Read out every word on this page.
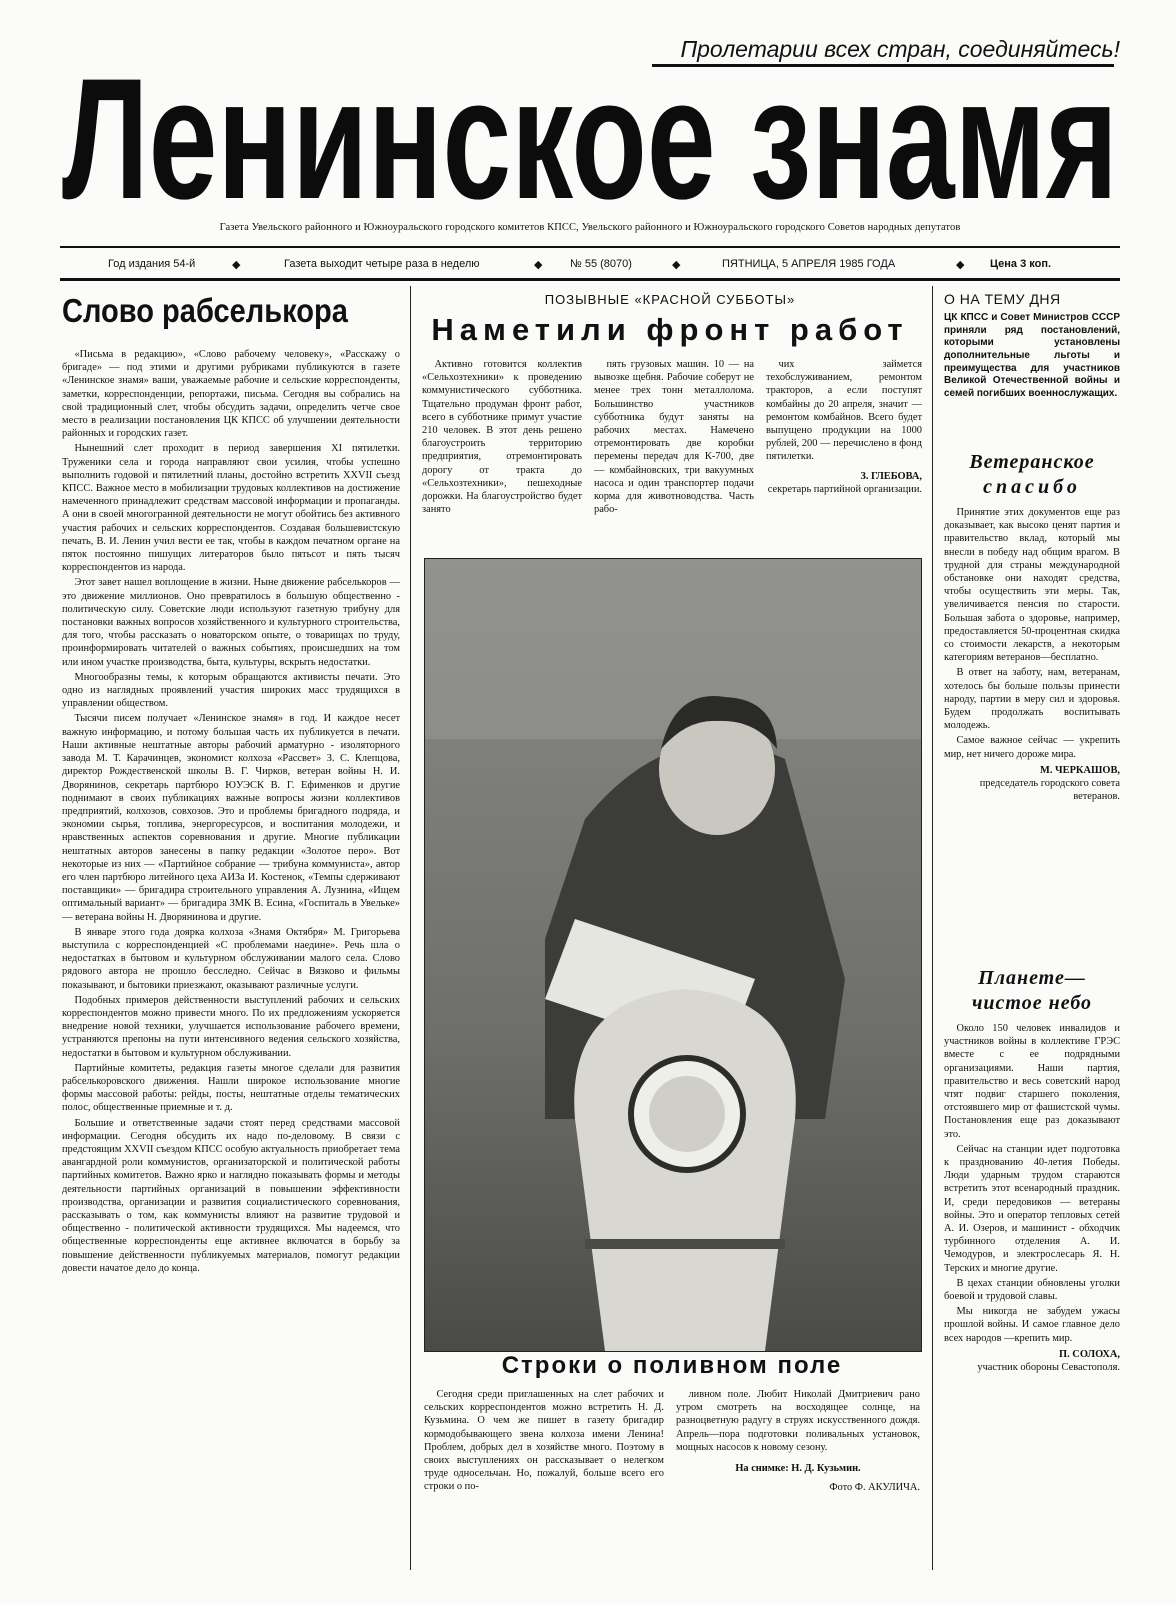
Пролетарии всех стран, соединяйтесь!
Ленинское знамя
Газета Увельского районного и Южноуральского городского комитетов КПСС, Увельского районного и Южноуральского городского Советов народных депутатов
Год издания 54-й	◆	Газета выходит четыре раза в неделю	◆	№ 55 (8070)	◆	ПЯТНИЦА, 5 АПРЕЛЯ 1985 ГОДА	◆ Цена 3 коп.
Слово рабселькора

«Письма в редакцию», «Слово рабочему человеку», «Расскажу о бригаде» — под этими и другими рубриками публикуются в газете «Ленинское знамя» ваши, уважаемые рабочие и сельские корреспонденты, заметки, корреспонденции, репортажи, письма. Сегодня вы собрались на свой традиционный слет, чтобы обсудить задачи, определить четче свое место в реализации постановления ЦК КПСС об улучшении деятельности районных и городских газет.

Нынешний слет проходит в период завершения XI пятилетки. Труженики села и города направляют свои усилия, чтобы успешно выполнить годовой и пятилетний планы, достойно встретить XXVII съезд КПСС. Важное место в мобилизации трудовых коллективов на достижение намеченного принадлежит средствам массовой информации и пропаганды. А они в своей многогранной деятельности не могут обойтись без активного участия рабочих и сельских корреспондентов. Создавая большевистскую печать, В. И. Ленин учил вести ее так, чтобы в каждом печатном органе на пяток постоянно пишущих литераторов было пятьсот и пять тысяч корреспондентов из народа.

Этот завет нашел воплощение в жизни. Ныне движение рабселькоров — это движение миллионов. Оно превратилось в большую общественно - политическую силу. Советские люди используют газетную трибуну для постановки важных вопросов хозяйственного и культурного строительства, для того, чтобы рассказать о новаторском опыте, о товарищах по труду, проинформировать читателей о важных событиях, происшедших на том или ином участке производства, быта, культуры, вскрыть недостатки.

Многообразны темы, к которым обращаются активисты печати. Это одно из наглядных проявлений участия широких масс трудящихся в управлении обществом.

Тысячи писем получает «Ленинское знамя» в год. И каждое несет важную информацию, и потому большая часть их публикуется в печати. Наши активные нештатные авторы рабочий арматурно - изоляторного завода М. Т. Карачинцев, экономист колхоза «Рассвет» З. С. Клепцова, директор Рождественской школы В. Г. Чирков, ветеран войны Н. И. Дворянинов, секретарь партбюро ЮУЭСК В. Г. Ефименков и другие поднимают в своих публикациях важные вопросы жизни коллективов предприятий, колхозов, совхозов. Это и проблемы бригадного подряда, и экономии сырья, топлива, энергоресурсов, и воспитания молодежи, и нравственных аспектов соревнования и другие. Многие публикации нештатных авторов занесены в папку редакции «Золотое перо». Вот некоторые из них — «Партийное собрание — трибуна коммуниста», автор его член партбюро литейного цеха АИЗа И. Костенок, «Темпы сдерживают поставщики» — бригадира строительного управления А. Лузнина, «Ищем оптимальный вариант» — бригадира ЗМК В. Есина, «Госпиталь в Увельке» — ветерана войны Н. Дворянинова и другие.

В январе этого года доярка колхоза «Знамя Октября» М. Григорьева выступила с корреспонденцией «С проблемами наедине». Речь шла о недостатках в бытовом и культурном обслуживании малого села. Слово рядового автора не прошло бесследно. Сейчас в Вязково и фильмы показывают, и бытовики приезжают, оказывают различные услуги.

Подобных примеров действенности выступлений рабочих и сельских корреспондентов можно привести много. По их предложениям ускоряется внедрение новой техники, улучшается использование рабочего времени, устраняются препоны на пути интенсивного ведения сельского хозяйства, недостатки в бытовом и культурном обслуживании.

Партийные комитеты, редакция газеты многое сделали для развития рабселькоровского движения. Нашли широкое использование многие формы массовой работы: рейды, посты, нештатные отделы тематических полос, общественные приемные и т. д.

Большие и ответственные задачи стоят перед средствами массовой информации. Сегодня обсудить их надо по-деловому. В связи с предстоящим XXVII съездом КПСС особую актуальность приобретает тема авангардной роли коммунистов, организаторской и политической работы партийных комитетов. Важно ярко и наглядно показывать формы и методы деятельности партийных организаций в повышении эффективности производства, организации и развития социалистического соревнования, рассказывать о том, как коммунисты влияют на развитие трудовой и общественно - политической активности трудящихся. Мы надеемся, что общественные корреспонденты еще активнее включатся в борьбу за повышение действенности публикуемых материалов, помогут редакции довести начатое дело до конца.

ПОЗЫВНЫЕ «КРАСНОЙ СУББОТЫ»
Наметили фронт работ

Активно готовится коллектив «Сельхозтехники» к проведению коммунистического субботника. Тщательно продуман фронт работ, всего в субботнике примут участие 210 человек. В этот день решено благоустроить территорию предприятия, отремонтировать дорогу от тракта до «Сельхозтехники», пешеходные дорожки. На благоустройство будет занято

пять грузовых машин. 10 — на вывозке щебня. Рабочие соберут не менее трех тонн металлолома. Большинство участников субботника будут заняты на рабочих местах. Намечено отремонтировать две коробки перемены передач для К-700, две — комбайновских, три вакуумных насоса и один транспортер подачи корма для животноводства. Часть рабо-

чих займется техобслуживанием, ремонтом тракторов, а если поступят комбайны до 20 апреля, значит — ремонтом комбайнов. Всего будет выпущено продукции на 1000 рублей, 200 — перечислено в фонд пятилетки.

З. ГЛЕБОВА,
секретарь партийной организации.
Строки о поливном поле

Сегодня среди приглашенных на слет рабочих и сельских корреспондентов можно встретить Н. Д. Кузьмина. О чем же пишет в газету бригадир кормодобывающего звена колхоза имени Ленина! Проблем, добрых дел в хозяйстве много. Поэтому в своих выступлениях он рассказывает о нелегком труде односельчан. Но, пожалуй, больше всего его строки о по-

ливном поле. Любит Николай Дмитриевич рано утром смотреть на восходящее солнце, на разноцветную радугу в струях искусственного дождя. Апрель—пора подготовки поливальных установок, мощных насосов к новому сезону.

На снимке: Н. Д. Кузьмин.
Фото Ф. АКУЛИЧА.
О НА ТЕМУ ДНЯ

ЦК КПСС и Совет Министров СССР приняли ряд постановлений, которыми установлены дополнительные льготы и преимущества для участников Великой Отечественной войны и семей погибших военнослужащих.

Ветеранское
спасибо

Принятие этих документов еще раз доказывает, как высоко ценят партия и правительство вклад, который мы внесли в победу над общим врагом. В трудной для страны международной обстановке они находят средства, чтобы осуществить эти меры. Так, увеличивается пенсия по старости. Большая забота о здоровье, например, предоставляется 50-процентная скидка со стоимости лекарств, а некоторым категориям ветеранов—бесплатно.

В ответ на заботу, нам, ветеранам, хотелось бы больше пользы принести народу, партии в меру сил и здоровья. Будем продолжать воспитывать молодежь.

Самое важное сейчас — укрепить мир, нет ничего дороже мира.

М. ЧЕРКАШОВ,
председатель городского совета ветеранов.
Планете—
чистое небо

Около 150 человек инвалидов и участников войны в коллективе ГРЭС вместе с ее подрядными организациями. Наши партия, правительство и весь советский народ чтят подвиг старшего поколения, отстоявшего мир от фашистской чумы. Постановления еще раз доказывают это.

Сейчас на станции идет подготовка к празднованию 40-летия Победы. Люди ударным трудом стараются встретить этот всенародный праздник. И, среди передовиков — ветераны войны. Это и оператор тепловых сетей А. И. Озеров, и машинист - обходчик турбинного отделения А. И. Чемодуров, и электрослесарь Я. Н. Терских и многие другие.

В цехах станции обновлены уголки боевой и трудовой славы.

Мы никогда не забудем ужасы прошлой войны. И самое главное дело всех народов —крепить мир.

П. СОЛОХА,
участник обороны Севастополя.
